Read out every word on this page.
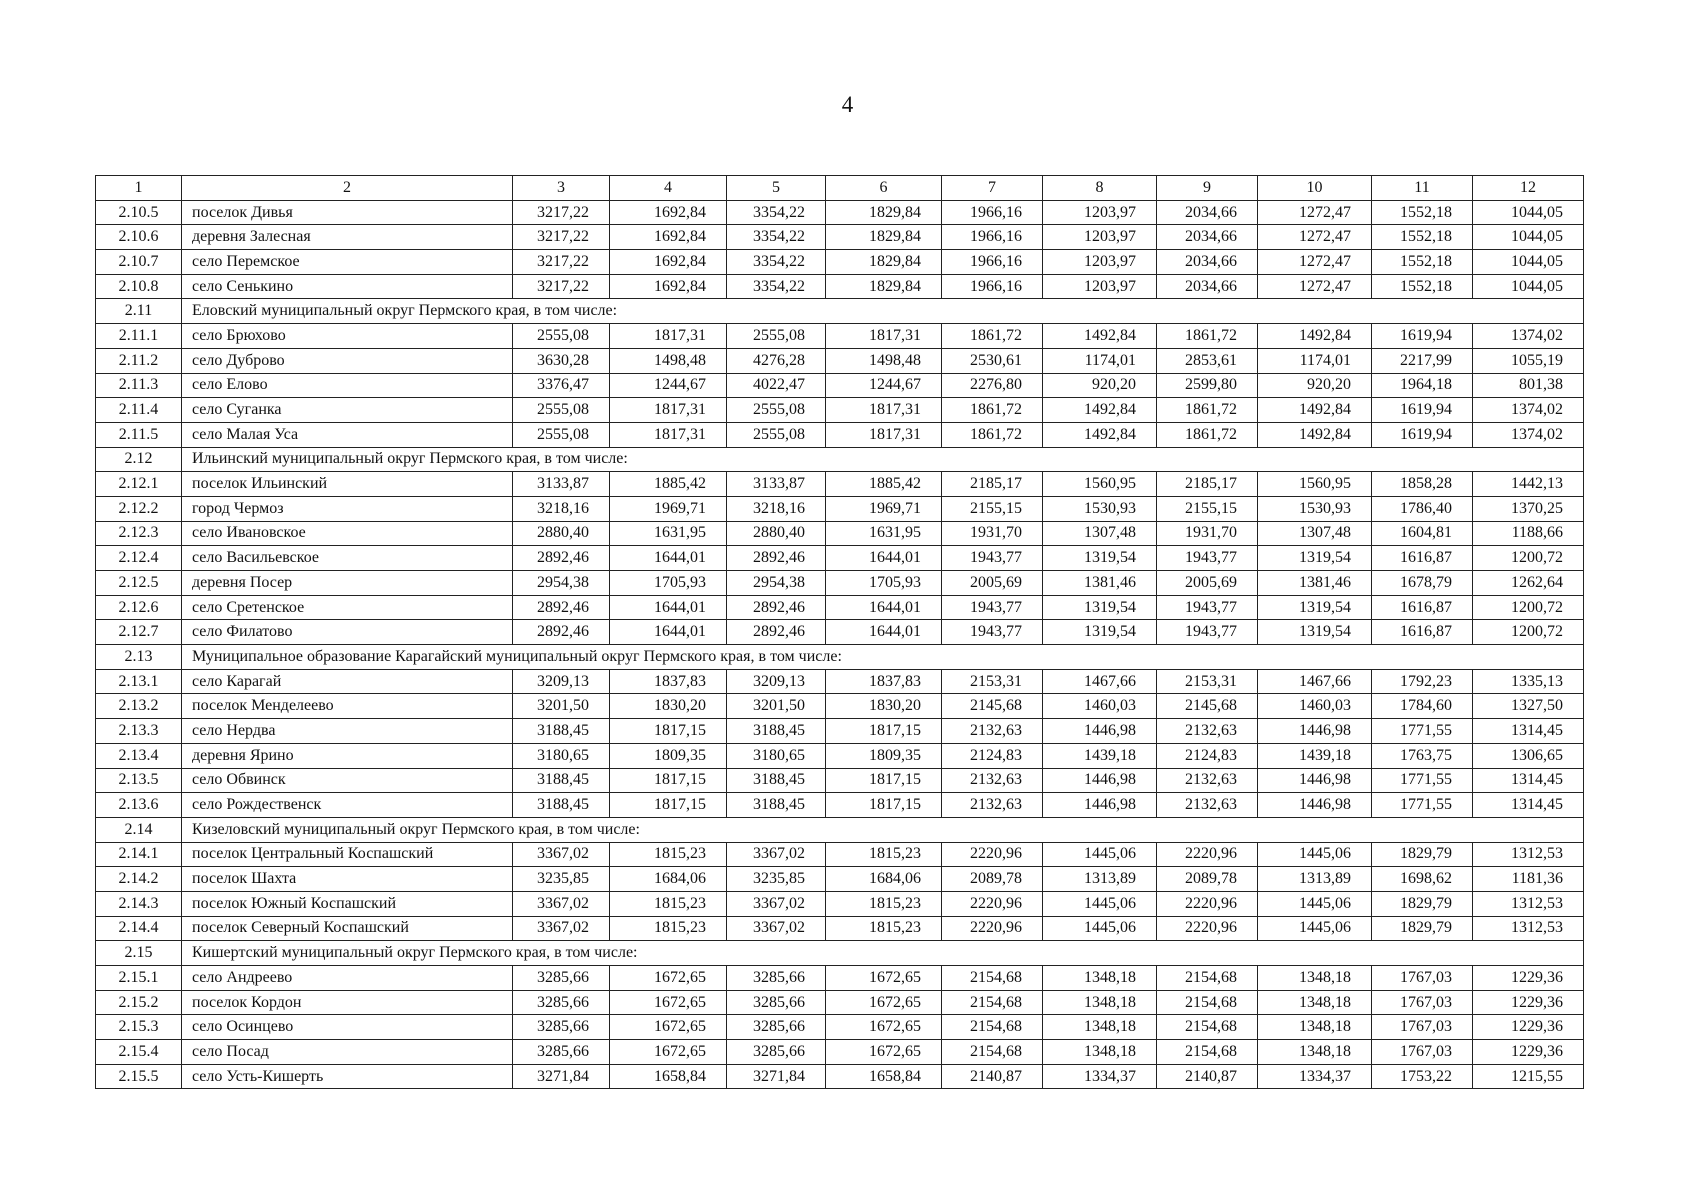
4
1	2	3	4	5	6	7	8	9	10	11	12
2.10.5	поселок Дивья	3217,22	1692,84	3354,22	1829,84	1966,16	1203,97	2034,66	1272,47	1552,18	1044,05
2.10.6	деревня Залесная	3217,22	1692,84	3354,22	1829,84	1966,16	1203,97	2034,66	1272,47	1552,18	1044,05
2.10.7	село Перемское	3217,22	1692,84	3354,22	1829,84	1966,16	1203,97	2034,66	1272,47	1552,18	1044,05
2.10.8	село Сенькино	3217,22	1692,84	3354,22	1829,84	1966,16	1203,97	2034,66	1272,47	1552,18	1044,05
2.11	Еловский муниципальный округ Пермского края, в том числе:										
2.11.1	село Брюхово	2555,08	1817,31	2555,08	1817,31	1861,72	1492,84	1861,72	1492,84	1619,94	1374,02
2.11.2	село Дуброво	3630,28	1498,48	4276,28	1498,48	2530,61	1174,01	2853,61	1174,01	2217,99	1055,19
2.11.3	село Елово	3376,47	1244,67	4022,47	1244,67	2276,80	920,20	2599,80	920,20	1964,18	801,38
2.11.4	село Суганка	2555,08	1817,31	2555,08	1817,31	1861,72	1492,84	1861,72	1492,84	1619,94	1374,02
2.11.5	село Малая Уса	2555,08	1817,31	2555,08	1817,31	1861,72	1492,84	1861,72	1492,84	1619,94	1374,02
2.12	Ильинский муниципальный округ Пермского края, в том числе:										
2.12.1	поселок Ильинский	3133,87	1885,42	3133,87	1885,42	2185,17	1560,95	2185,17	1560,95	1858,28	1442,13
2.12.2	город Чермоз	3218,16	1969,71	3218,16	1969,71	2155,15	1530,93	2155,15	1530,93	1786,40	1370,25
2.12.3	село Ивановское	2880,40	1631,95	2880,40	1631,95	1931,70	1307,48	1931,70	1307,48	1604,81	1188,66
2.12.4	село Васильевское	2892,46	1644,01	2892,46	1644,01	1943,77	1319,54	1943,77	1319,54	1616,87	1200,72
2.12.5	деревня Посер	2954,38	1705,93	2954,38	1705,93	2005,69	1381,46	2005,69	1381,46	1678,79	1262,64
2.12.6	село Сретенское	2892,46	1644,01	2892,46	1644,01	1943,77	1319,54	1943,77	1319,54	1616,87	1200,72
2.12.7	село Филатово	2892,46	1644,01	2892,46	1644,01	1943,77	1319,54	1943,77	1319,54	1616,87	1200,72
2.13	Муниципальное образование Карагайский муниципальный округ Пермского края, в том числе:										
2.13.1	село Карагай	3209,13	1837,83	3209,13	1837,83	2153,31	1467,66	2153,31	1467,66	1792,23	1335,13
2.13.2	поселок Менделеево	3201,50	1830,20	3201,50	1830,20	2145,68	1460,03	2145,68	1460,03	1784,60	1327,50
2.13.3	село Нердва	3188,45	1817,15	3188,45	1817,15	2132,63	1446,98	2132,63	1446,98	1771,55	1314,45
2.13.4	деревня Ярино	3180,65	1809,35	3180,65	1809,35	2124,83	1439,18	2124,83	1439,18	1763,75	1306,65
2.13.5	село Обвинск	3188,45	1817,15	3188,45	1817,15	2132,63	1446,98	2132,63	1446,98	1771,55	1314,45
2.13.6	село Рождественск	3188,45	1817,15	3188,45	1817,15	2132,63	1446,98	2132,63	1446,98	1771,55	1314,45
2.14	Кизеловский муниципальный округ Пермского края, в том числе:										
2.14.1	поселок Центральный Коспашский	3367,02	1815,23	3367,02	1815,23	2220,96	1445,06	2220,96	1445,06	1829,79	1312,53
2.14.2	поселок Шахта	3235,85	1684,06	3235,85	1684,06	2089,78	1313,89	2089,78	1313,89	1698,62	1181,36
2.14.3	поселок Южный Коспашский	3367,02	1815,23	3367,02	1815,23	2220,96	1445,06	2220,96	1445,06	1829,79	1312,53
2.14.4	поселок Северный Коспашский	3367,02	1815,23	3367,02	1815,23	2220,96	1445,06	2220,96	1445,06	1829,79	1312,53
2.15	Кишертский муниципальный округ Пермского края, в том числе:										
2.15.1	село Андреево	3285,66	1672,65	3285,66	1672,65	2154,68	1348,18	2154,68	1348,18	1767,03	1229,36
2.15.2	поселок Кордон	3285,66	1672,65	3285,66	1672,65	2154,68	1348,18	2154,68	1348,18	1767,03	1229,36
2.15.3	село Осинцево	3285,66	1672,65	3285,66	1672,65	2154,68	1348,18	2154,68	1348,18	1767,03	1229,36
2.15.4	село Посад	3285,66	1672,65	3285,66	1672,65	2154,68	1348,18	2154,68	1348,18	1767,03	1229,36
2.15.5	село Усть-Кишерть	3271,84	1658,84	3271,84	1658,84	2140,87	1334,37	2140,87	1334,37	1753,22	1215,55
